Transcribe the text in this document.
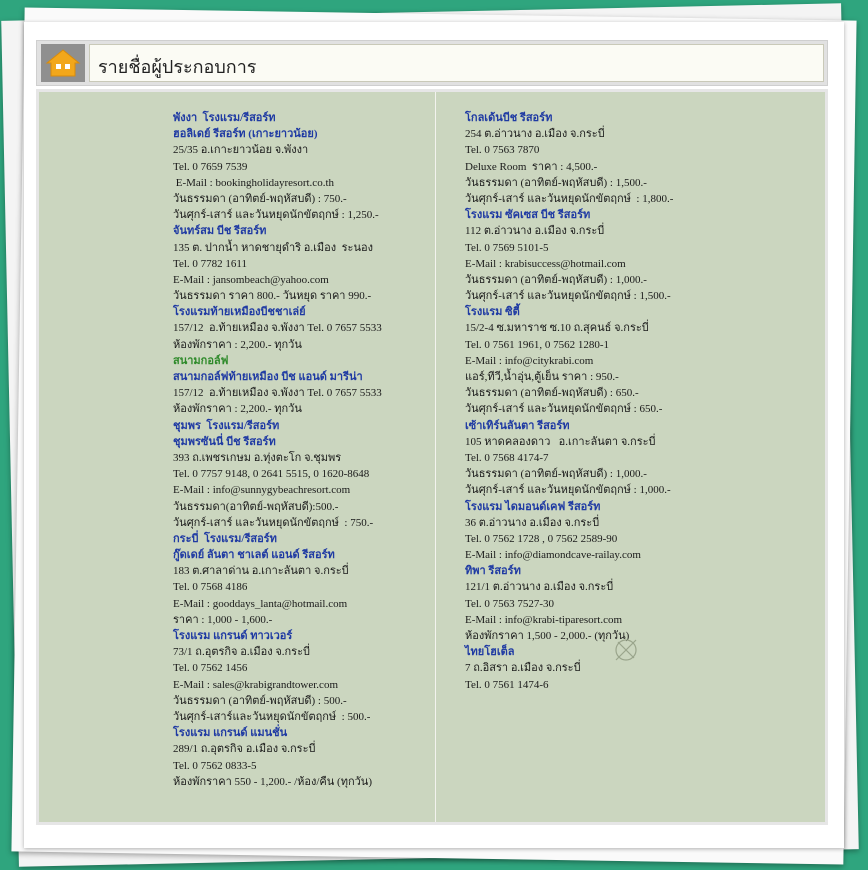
รายชื่อผู้ประกอบการ
พังงา  โรงแรม/รีสอร์ท
ฮอลิเดย์ รีสอร์ท (เกาะยาวน้อย)
25/35 อ.เกาะยาวน้อย จ.พังงา
Tel. 0 7659 7539
E-Mail : bookingholidayresort.co.th
วันธรรมดา (อาทิตย์-พฤหัสบดี) : 750.-
วันศุกร์-เสาร์ และวันหยุดนักขัตฤกษ์ : 1,250.-
จันทร์สม บีช รีสอร์ท
135 ต. ปากน้ำ หาดชายุดำริ อ.เมือง  ระนอง
Tel. 0 7782 1611
E-Mail : jansombeach@yahoo.com
วันธรรมดา ราคา 800.- วันหยุด ราคา 990.-
โรงแรมท้ายเหมืองบีชชาเล่ย์
157/12  อ.ท้ายเหมือง จ.พังงา Tel. 0 7657 5533
ห้องพักราคา : 2,200.- ทุกวัน
สนามกอล์ฟ
สนามกอล์ฟท้ายเหมือง บีช แอนด์ มารีน่า
157/12  อ.ท้ายเหมือง จ.พังงา Tel. 0 7657 5533
ห้องพักราคา : 2,200.- ทุกวัน
ชุมพร  โรงแรม/รีสอร์ท
ชุมพรซันนี่ บีช รีสอร์ท
393 ถ.เพชรเกษม อ.ทุ่งตะโก จ.ชุมพร
Tel. 0 7757 9148, 0 2641 5515, 0 1620-8648
E-Mail : info@sunnygybeachresort.com
วันธรรมดา(อาทิตย์-พฤหัสบดี):500.-
วันศุกร์-เสาร์ และวันหยุดนักขัตฤกษ์  : 750.-
กระบี่  โรงแรม/รีสอร์ท
กู๊ดเดย์ ลันตา ชาเลต์ แอนด์ รีสอร์ท
183 ต.ศาลาด่าน อ.เกาะลันตา จ.กระบี่
Tel. 0 7568 4186
E-Mail : gooddays_lanta@hotmail.com
ราคา : 1,000 - 1,600.-
โรงแรม แกรนด์ ทาวเวอร์
73/1 ถ.อุตรกิจ อ.เมือง จ.กระบี่
Tel. 0 7562 1456
E-Mail : sales@krabigrandtower.com
วันธรรมดา (อาทิตย์-พฤหัสบดี) : 500.-
วันศุกร์-เสาร์และวันหยุดนักขัตฤกษ์  : 500.-
โรงแรม แกรนด์ แมนชั่น
289/1 ถ.อุตรกิจ อ.เมือง จ.กระบี่
Tel. 0 7562 0833-5
ห้องพักราคา 550 - 1,200.- /ห้อง/คืน (ทุกวัน)
โกลเด้นบีช รีสอร์ท
254 ต.อ่าวนาง อ.เมือง จ.กระบี่
Tel. 0 7563 7870
Deluxe Room  ราคา : 4,500.-
วันธรรมดา (อาทิตย์-พฤหัสบดี) : 1,500.-
วันศุกร์-เสาร์ และวันหยุดนักขัตฤกษ์  : 1,800.-
โรงแรม ซัคเซส บีช รีสอร์ท
112 ต.อ่าวนาง อ.เมือง จ.กระบี่
Tel. 0 7569 5101-5
E-Mail : krabisuccess@hotmail.com
วันธรรมดา (อาทิตย์-พฤหัสบดี) : 1,000.-
วันศุกร์-เสาร์ และวันหยุดนักขัตฤกษ์ : 1,500.-
โรงแรม ซิตี้
15/2-4 ซ.มหาราช ซ.10 ถ.สุคนธ์ จ.กระบี่
Tel. 0 7561 1961, 0 7562 1280-1
E-Mail : info@citykrabi.com
แอร์,ทีวี,น้ำอุ่น,ตู้เย็น ราคา : 950.-
วันธรรมดา (อาทิตย์-พฤหัสบดี) : 650.-
วันศุกร์-เสาร์ และวันหยุดนักขัตฤกษ์ : 650.-
เซ้าเทิร์นลันตา รีสอร์ท
105 หาดคลองดาว   อ.เกาะลันตา จ.กระบี่
Tel. 0 7568 4174-7
วันธรรมดา (อาทิตย์-พฤหัสบดี) : 1,000.-
วันศุกร์-เสาร์ และวันหยุดนักขัตฤกษ์ : 1,000.-
โรงแรม ไดมอนด์เคฟ รีสอร์ท
36 ต.อ่าวนาง อ.เมือง จ.กระบี่
Tel. 0 7562 1728 , 0 7562 2589-90
E-Mail : info@diamondcave-railay.com
ทิพา รีสอร์ท
121/1 ต.อ่าวนาง อ.เมือง จ.กระบี่
Tel. 0 7563 7527-30
E-Mail : info@krabi-tiparesort.com
ห้องพักราคา 1,500 - 2,000.- (ทุกวัน)
ไทยโฮเต็ล
7 ถ.อิสรา อ.เมือง จ.กระบี่
Tel. 0 7561 1474-6
